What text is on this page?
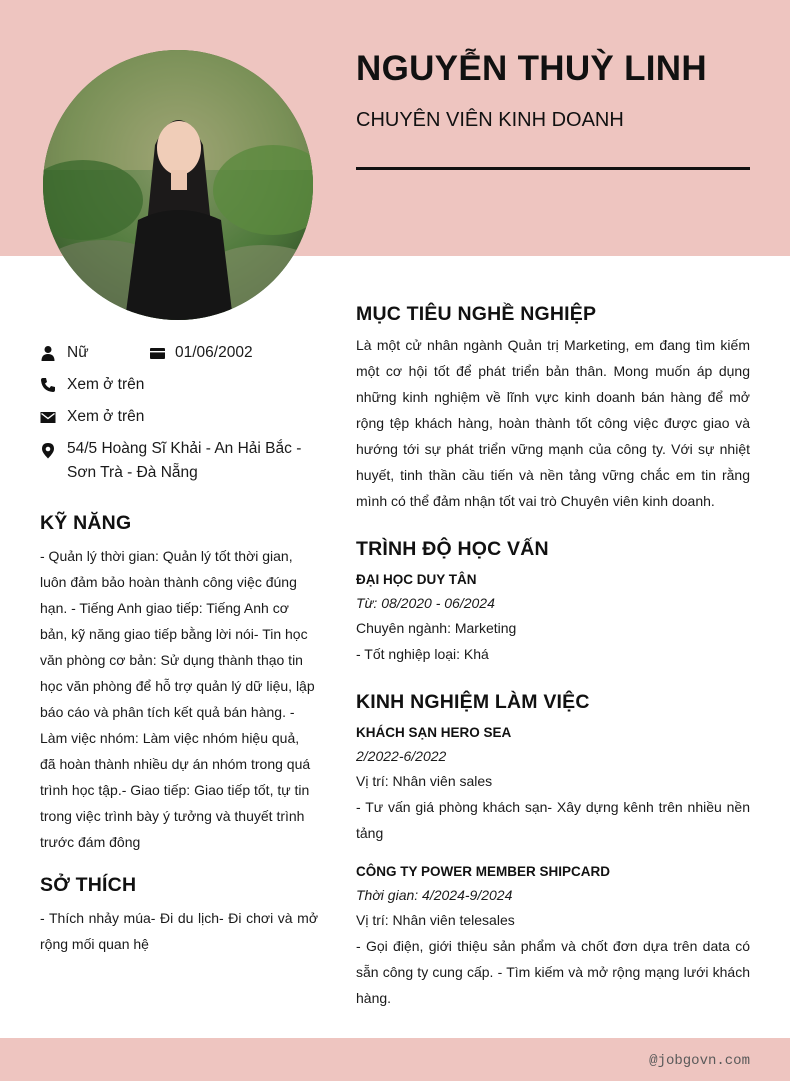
NGUYỄN THUỲ LINH
CHUYÊN VIÊN KINH DOANH
Nữ	01/06/2002
Xem ở trên
Xem ở trên
54/5 Hoàng Sĩ Khải - An Hải Bắc - Sơn Trà - Đà Nẵng
KỸ NĂNG
- Quản lý thời gian: Quản lý tốt thời gian, luôn đảm bảo hoàn thành công việc đúng hạn. - Tiếng Anh giao tiếp: Tiếng Anh cơ bản, kỹ năng giao tiếp bằng lời nói- Tin học văn phòng cơ bản: Sử dụng thành thạo tin học văn phòng để hỗ trợ quản lý dữ liệu, lập báo cáo và phân tích kết quả bán hàng. - Làm việc nhóm: Làm việc nhóm hiệu quả, đã hoàn thành nhiều dự án nhóm trong quá trình học tập.- Giao tiếp: Giao tiếp tốt, tự tin trong việc trình bày ý tưởng và thuyết trình trước đám đông
SỞ THÍCH
- Thích nhảy múa- Đi du lịch- Đi chơi và mở rộng mối quan hệ
MỤC TIÊU NGHỀ NGHIỆP
Là một cử nhân ngành Quản trị Marketing, em đang tìm kiếm một cơ hội tốt để phát triển bản thân. Mong muốn áp dụng những kinh nghiệm về lĩnh vực kinh doanh bán hàng để mở rộng tệp khách hàng, hoàn thành tốt công việc được giao và hướng tới sự phát triển vững mạnh của công ty. Với sự nhiệt huyết, tinh thần cầu tiến và nền tảng vững chắc em tin rằng mình có thể đảm nhận tốt vai trò Chuyên viên kinh doanh.
TRÌNH ĐỘ HỌC VẤN
ĐẠI HỌC DUY TÂN
Từ: 08/2020 - 06/2024
Chuyên ngành: Marketing
- Tốt nghiệp loại: Khá
KINH NGHIỆM LÀM VIỆC
KHÁCH SẠN HERO SEA
2/2022-6/2022
Vị trí: Nhân viên sales
- Tư vấn giá phòng khách sạn- Xây dựng kênh trên nhiều nền tảng
CÔNG TY POWER MEMBER SHIPCARD
Thời gian: 4/2024-9/2024
Vị trí: Nhân viên telesales
- Gọi điện, giới thiệu sản phẩm và chốt đơn dựa trên data có sẵn công ty cung cấp. - Tìm kiếm và mở rộng mạng lưới khách hàng.
@jobgovn.com
